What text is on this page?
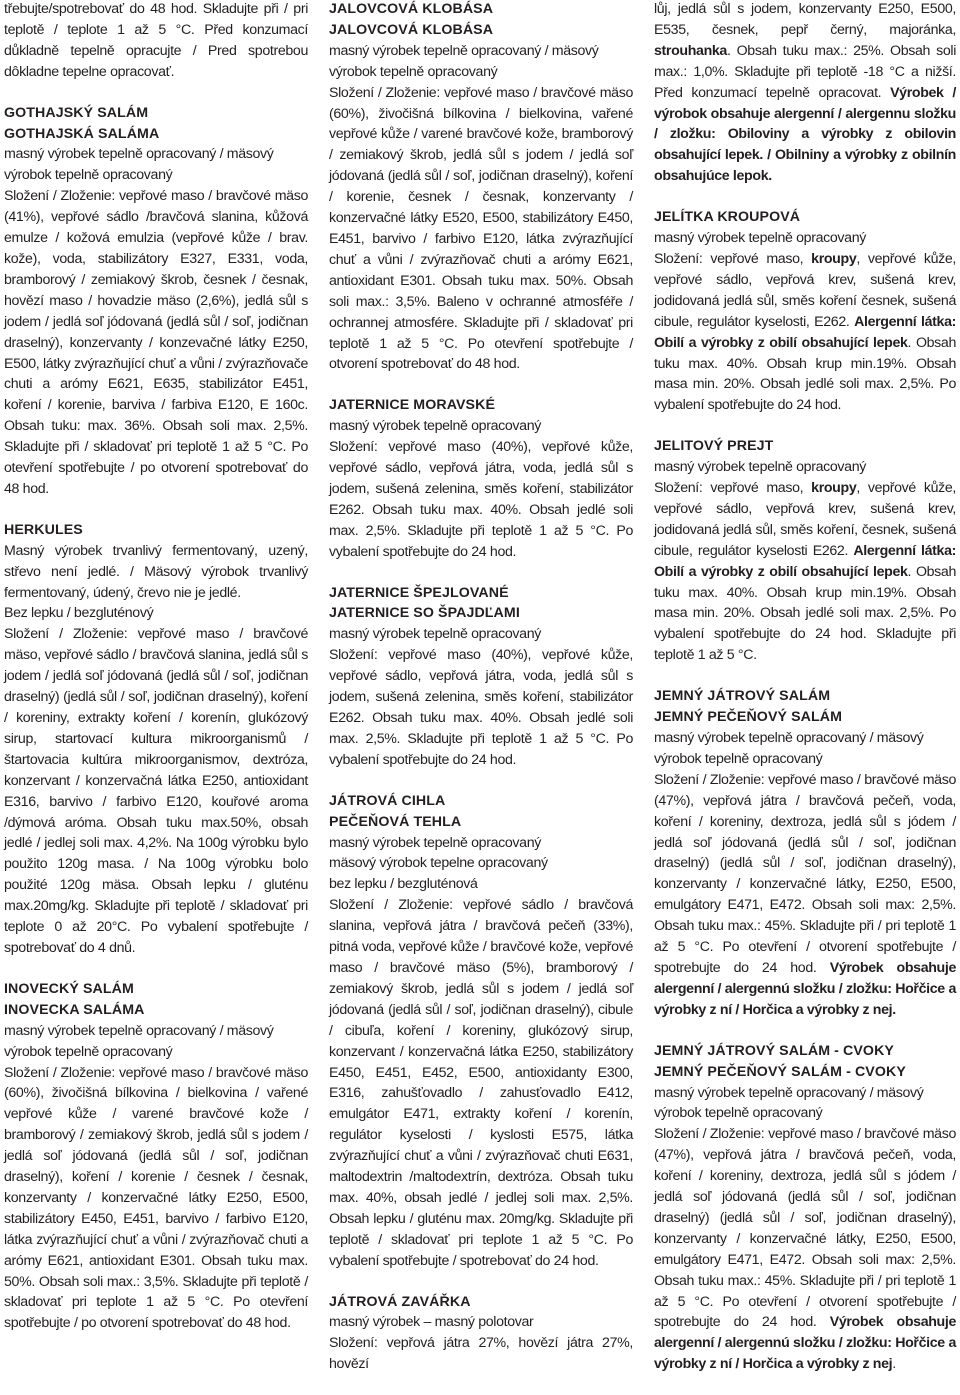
třebujte/spotrebovať do 48 hod. Skladujte při / pri teplotě / teplote 1 až 5 °C. Před konzumací důkladně tepelně opracujte / Pred spotrebou dôkladne tepelne opracovať.

GOTHAJSKÝ SALÁM

GOTHAJSKÁ SALÁMA

masný výrobek tepelně opracovaný / mäsový výrobok tepelně opracovaný

Složení / Zloženie: vepřové maso / bravčové mäso (41%), vepřové sádlo /bravčová slanina, kůžová emulze / kožová emulzia (vepřové kůže / brav. kože), voda, stabilizátory E327, E331, voda, bramborový / zemiakový škrob, česnek / česnak, hovězí maso / hovadzie mäso (2,6%), jedlá sůl s jodem / jedlá soľ jódovaná (jedlá sůl / soľ, jodičnan draselný), konzervanty / konzevačné látky E250, E500, látky zvýrazňující chuť a vůni / zvýrazňovače chuti a arómy E621, E635, stabilizátor E451, koření / korenie, barviva / farbiva E120, E 160c. Obsah tuku: max. 36%. Obsah soli max. 2,5%. Skladujte při / skladovať pri teplotě 1 až 5 °C. Po otevření spotřebujte / po otvorení spotrebovať do 48 hod.

HERKULES

Masný výrobek trvanlivý fermentovaný, uzený, střevo není jedlé. / Mäsový výrobok trvanlivý fermentovaný, údený, črevo nie je jedlé.

Bez lepku / bezgluténový

Složení / Zloženie: vepřové maso / bravčové mäso, vepřové sádlo / bravčová slanina, jedlá sůl s jodem / jedlá soľ jódovaná (jedlá sůl / soľ, jodičnan draselný) (jedlá sůl / soľ, jodičnan draselný), koření / koreniny, extrakty koření / korenín, glukózový sirup, startovací kultura mikroorganismů / štartovacia kultúra mikroorganismov, dextróza, konzervant / konzervačná látka E250, antioxidant E316, barvivo / farbivo E120, kouřové aroma /dýmová aróma. Obsah tuku max.50%, obsah jedlé / jedlej soli max. 4,2%. Na 100g výrobku bylo použito 120g masa. / Na 100g výrobku bolo použité 120g mäsa. Obsah lepku / gluténu max.20mg/kg. Skladujte při teplotě / skladovať pri teplote 0 až 20°C. Po vybalení spotřebujte / spotrebovať do 4 dnů.

INOVECKÝ SALÁM

INOVECKA SALÁMA

masný výrobek tepelně opracovaný / mäsový výrobok tepelně opracovaný

Složení / Zloženie: vepřové maso / bravčové mäso (60%), živočišná bílkovina / bielkovina / vařené vepřové kůže / varené bravčové kože / bramborový / zemiakový škrob, jedlá sůl s jodem / jedlá soľ jódovaná (jedlá sůl / soľ, jodičnan draselný), koření / korenie / česnek / česnak, konzervanty / konzervačné látky E250, E500, stabilizátory E450, E451, barvivo / farbivo E120, látka zvýrazňující chuť a vůni / zvýrazňovač chuti a arómy E621, antioxidant E301. Obsah tuku max. 50%. Obsah soli max.: 3,5%. Skladujte při teplotě / skladovať pri teplote 1 až 5 °C. Po otevření spotřebujte / po otvorení spotrebovať do 48 hod.

JALOVCOVÁ KLOBÁSA

JALOVCOVÁ KLOBÁSA

masný výrobek tepelně opracovaný / mäsový výrobok tepelně opracovaný

Složení / Zloženie: vepřové maso / bravčové mäso (60%), živočišná bílkovina / bielkovina, vařené vepřové kůže / varené bravčové kože, bramborový / zemiakový škrob, jedlá sůl s jodem / jedlá soľ jódovaná (jedlá sůl / soľ, jodičnan draselný), koření / korenie, česnek / česnak, konzervanty / konzervačné látky E520, E500, stabilizátory E450, E451, barvivo / farbivo E120, látka zvýrazňující chuť a vůni / zvýrazňovač chuti a arómy E621, antioxidant E301. Obsah tuku max. 50%. Obsah soli max.: 3,5%. Baleno v ochranné atmosféře / ochrannej atmosfére. Skladujte při / skladovať pri teplotě 1 až 5 °C. Po otevření spotřebujte / otvorení spotrebovať do 48 hod.

JATERNICE MORAVSKÉ

masný výrobek tepelně opracovaný

Složení: vepřové maso (40%), vepřové kůže, vepřové sádlo, vepřová játra, voda, jedlá sůl s jodem, sušená zelenina, směs koření, stabilizátor E262. Obsah tuku max. 40%. Obsah jedlé soli max. 2,5%. Skladujte při teplotě 1 až 5 °C. Po vybalení spotřebujte do 24 hod.

JATERNICE ŠPEJLOVANÉ

JATERNICE SO ŠPAJDĽAMI

masný výrobek tepelně opracovaný

Složení: vepřové maso (40%), vepřové kůže, vepřové sádlo, vepřová játra, voda, jedlá sůl s jodem, sušená zelenina, směs koření, stabilizátor E262. Obsah tuku max. 40%. Obsah jedlé soli max. 2,5%. Skladujte při teplotě 1 až 5 °C. Po vybalení spotřebujte do 24 hod.

JÁTROVÁ CIHLA

PEČEŇOVÁ TEHLA

masný výrobek tepelně opracovaný

mäsový výrobok tepelne opracovaný

bez lepku / bezgluténová

Složení / Zloženie: vepřové sádlo / bravčová slanina, vepřová játra / bravčová pečeň (33%), pitná voda, vepřové kůže / bravčové kože, vepřové maso / bravčové mäso (5%), bramborový / zemiakový škrob, jedlá sůl s jodem / jedlá soľ jódovaná (jedlá sůl / soľ, jodičnan draselný), cibule / cibuľa, koření / koreniny, glukózový sirup, konzervant / konzervačná látka E250, stabilizátory E450, E451, E452, E500, antioxidanty E300, E316, zahušťovadlo / zahusťovadlo E412, emulgátor E471, extrakty koření / korenín, regulátor kyselosti / kyslosti E575, látka zvýrazňující chuť a vůni / zvýrazňovač chuti E631, maltodextrin /maltodextrín, dextróza. Obsah tuku max. 40%, obsah jedlé / jedlej soli max. 2,5%. Obsah lepku / gluténu max. 20mg/kg. Skladujte při teplotě / skladovať pri teplote 1 až 5 °C. Po vybalení spotřebujte / spotrebovať do 24 hod.

JÁTROVÁ ZAVÁŘKA

masný výrobek – masný polotovar

Složení: vepřová játra 27%, hovězí játra 27%, hovězí

lůj, jedlá sůl s jodem, konzervanty E250, E500, E535, česnek, pepř černý, majoránka, strouhanka. Obsah tuku max.: 25%. Obsah soli max.: 1,0%. Skladujte při teplotě -18 °C a nižší. Před konzumací tepelně opracovat. Výrobek / výrobok obsahuje alergenní / alergennu složku / zložku: Obiloviny a výrobky z obilovin obsahující lepek. / Obilniny a výrobky z obilnín obsahujúce lepok.

JELÍTKA KROUPOVÁ

masný výrobek tepelně opracovaný

Složení: vepřové maso, kroupy, vepřové kůže, vepřové sádlo, vepřová krev, sušená krev, jodidovaná jedlá sůl, směs koření česnek, sušená cibule, regulátor kyselosti, E262. Alergenní látka: Obilí a výrobky z obilí obsahující lepek. Obsah tuku max. 40%. Obsah krup min.19%. Obsah masa min. 20%. Obsah jedlé soli max. 2,5%. Po vybalení spotřebujte do 24 hod.

JELITOVÝ PREJT

masný výrobek tepelně opracovaný

Složení: vepřové maso, kroupy, vepřové kůže, vepřové sádlo, vepřová krev, sušená krev, jodidovaná jedlá sůl, směs koření, česnek, sušená cibule, regulátor kyselosti E262. Alergenní látka: Obilí a výrobky z obilí obsahující lepek. Obsah tuku max. 40%. Obsah krup min.19%. Obsah masa min. 20%. Obsah jedlé soli max. 2,5%. Po vybalení spotřebujte do 24 hod. Skladujte při teplotě 1 až 5 °C.

JEMNÝ JÁTROVÝ SALÁM

JEMNÝ PEČEŇOVÝ SALÁM

masný výrobek tepelně opracovaný / mäsový výrobok tepelně opracovaný

Složení / Zloženie: vepřové maso / bravčové mäso (47%), vepřová játra / bravčová pečeň, voda, koření / koreniny, dextroza, jedlá sůl s jódem / jedlá soľ jódovaná (jedlá sůl / soľ, jodičnan draselný) (jedlá sůl / soľ, jodičnan draselný), konzervanty / konzervačné látky, E250, E500, emulgátory E471, E472. Obsah soli max: 2,5%. Obsah tuku max.: 45%. Skladujte při / pri teplotě 1 až 5 °C. Po otevření / otvorení spotřebujte / spotrebujte do 24 hod. Výrobek obsahuje alergenní / alergennú složku / zložku: Hořčice a výrobky z ní / Horčica a výrobky z nej.

JEMNÝ JÁTROVÝ SALÁM - CVOKY

JEMNÝ PEČEŇOVÝ SALÁM - CVOKY

masný výrobek tepelně opracovaný / mäsový výrobok tepelně opracovaný

Složení / Zloženie: vepřové maso / bravčové mäso (47%), vepřová játra / bravčová pečeň, voda, koření / koreniny, dextroza, jedlá sůl s jódem / jedlá soľ jódovaná (jedlá sůl / soľ, jodičnan draselný) (jedlá sůl / soľ, jodičnan draselný), konzervanty / konzervačné látky, E250, E500, emulgátory E471, E472. Obsah soli max: 2,5%. Obsah tuku max.: 45%. Skladujte při / pri teplotě 1 až 5 °C. Po otevření / otvorení spotřebujte / spotrebujte do 24 hod. Výrobek obsahuje alergenní / alergennú složku / zložku: Hořčice a výrobky z ní / Horčica a výrobky z nej.
